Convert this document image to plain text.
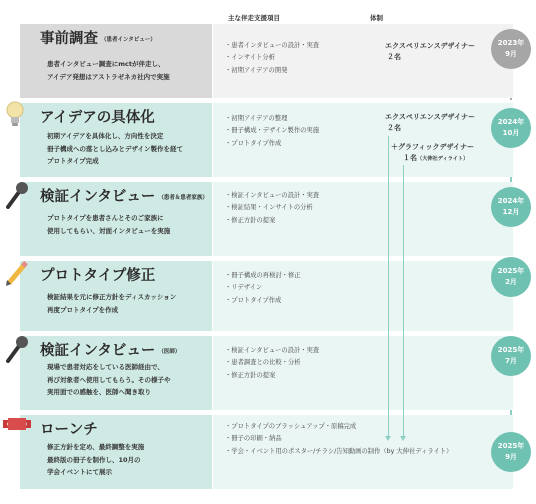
主な伴走支援項目	体制
事前調査 （患者インタビュー）
患者インタビュー調査にmctが伴走し、
アイデア発想はアストラゼネカ社内で実施
・ 患者インタビューの設計・実査
・ インサイト分析
・ 初期アイデアの開発
エクスペリエンスデザイナー
２名
2023年
9月
アイデアの具体化
初期アイデアを具体化し、方向性を決定
冊子構成への落とし込みとデザイン製作を経て
プロトタイプ完成
・ 初期アイデアの整理
・ 冊子構成・デザイン製作の実施
・ プロトタイプ作成
エクスペリエンスデザイナー
２名
＋グラフィックデザイナー
１名（大伸社ディライト）
2024年
10月
検証インタビュー （患者＆患者家族）
プロトタイプを患者さんとそのご家族に
使用してもらい、対面インタビューを実施
・ 検証インタビューの設計・実査
・ 検証結果・インサイトの分析
・ 修正方針の提案
2024年
12月
プロトタイプ修正
検証結果を元に修正方針をディスカッション
再度プロトタイプを作成
・ 冊子構成の再検討・修正
・ リデザイン
・ プロトタイプ作成
2025年
2月
検証インタビュー （医師）
現場で患者対応をしている医師経由で、
再び対象者へ使用してもらう。その様子や
実用面での感触を、医師へ聞き取り
・ 検証インタビューの設計・実査
・ 患者調査との比較・分析
・ 修正方針の提案
2025年
7月
ローンチ
修正方針を定め、最終調整を実施
最終版の冊子を制作し、10月の
学会イベントにて展示
・ プロトタイプのブラッシュアップ・原稿完成
・ 冊子の印刷・納品
・ 学会・イベント用のポスター/チラシ/告知動画の制作（by 大伸社ディライト）
2025年
9月
